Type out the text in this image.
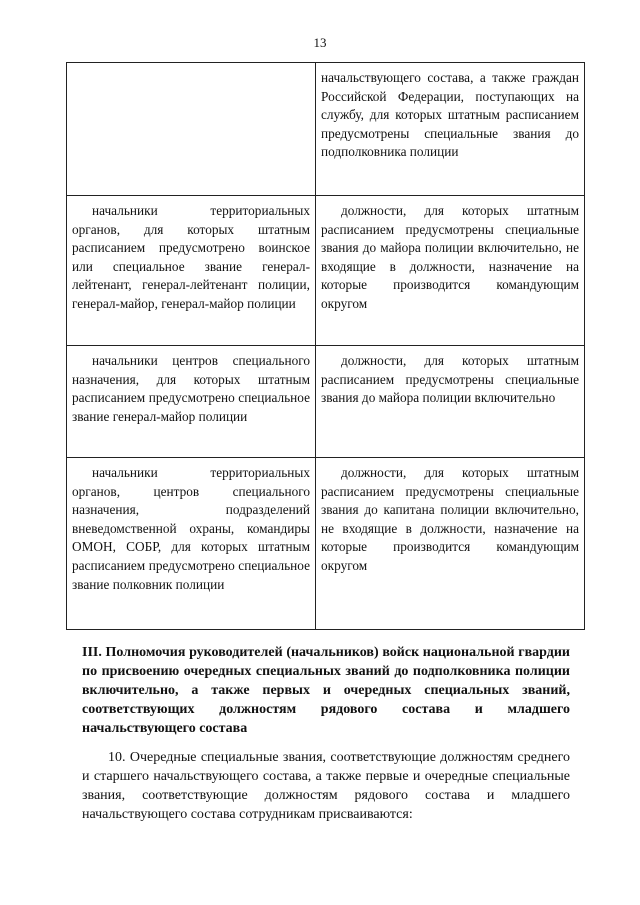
13

	начальствующего состава, а также граждан Российской Федерации, поступающих на службу, для которых штатным расписанием предусмотрены специальные звания до подполковника полиции

начальники территориальных органов, для которых штатным расписанием предусмотрено воинское или специальное звание генерал-лейтенант, генерал-лейтенант полиции, генерал-майор, генерал-майор полиции	должности, для которых штатным расписанием предусмотрены специальные звания до майора полиции включительно, не входящие в должности, назначение на которые производится командующим округом

начальники центров специального назначения, для которых штатным расписанием предусмотрено специальное звание генерал-майор полиции	должности, для которых штатным расписанием предусмотрены специальные звания до майора полиции включительно

начальники территориальных органов, центров специального назначения, подразделений вневедомственной охраны, командиры ОМОН, СОБР, для которых штатным расписанием предусмотрено специальное звание полковник полиции	должности, для которых штатным расписанием предусмотрены специальные звания до капитана полиции включительно, не входящие в должности, назначение на которые производится командующим округом

III. Полномочия руководителей (начальников) войск национальной гвардии по присвоению очередных специальных званий до подполковника полиции включительно, а также первых и очередных специальных званий, соответствующих должностям рядового состава и младшего начальствующего состава

10. Очередные специальные звания, соответствующие должностям среднего и старшего начальствующего состава, а также первые и очередные специальные звания, соответствующие должностям рядового состава и младшего начальствующего состава сотрудникам присваиваются:
